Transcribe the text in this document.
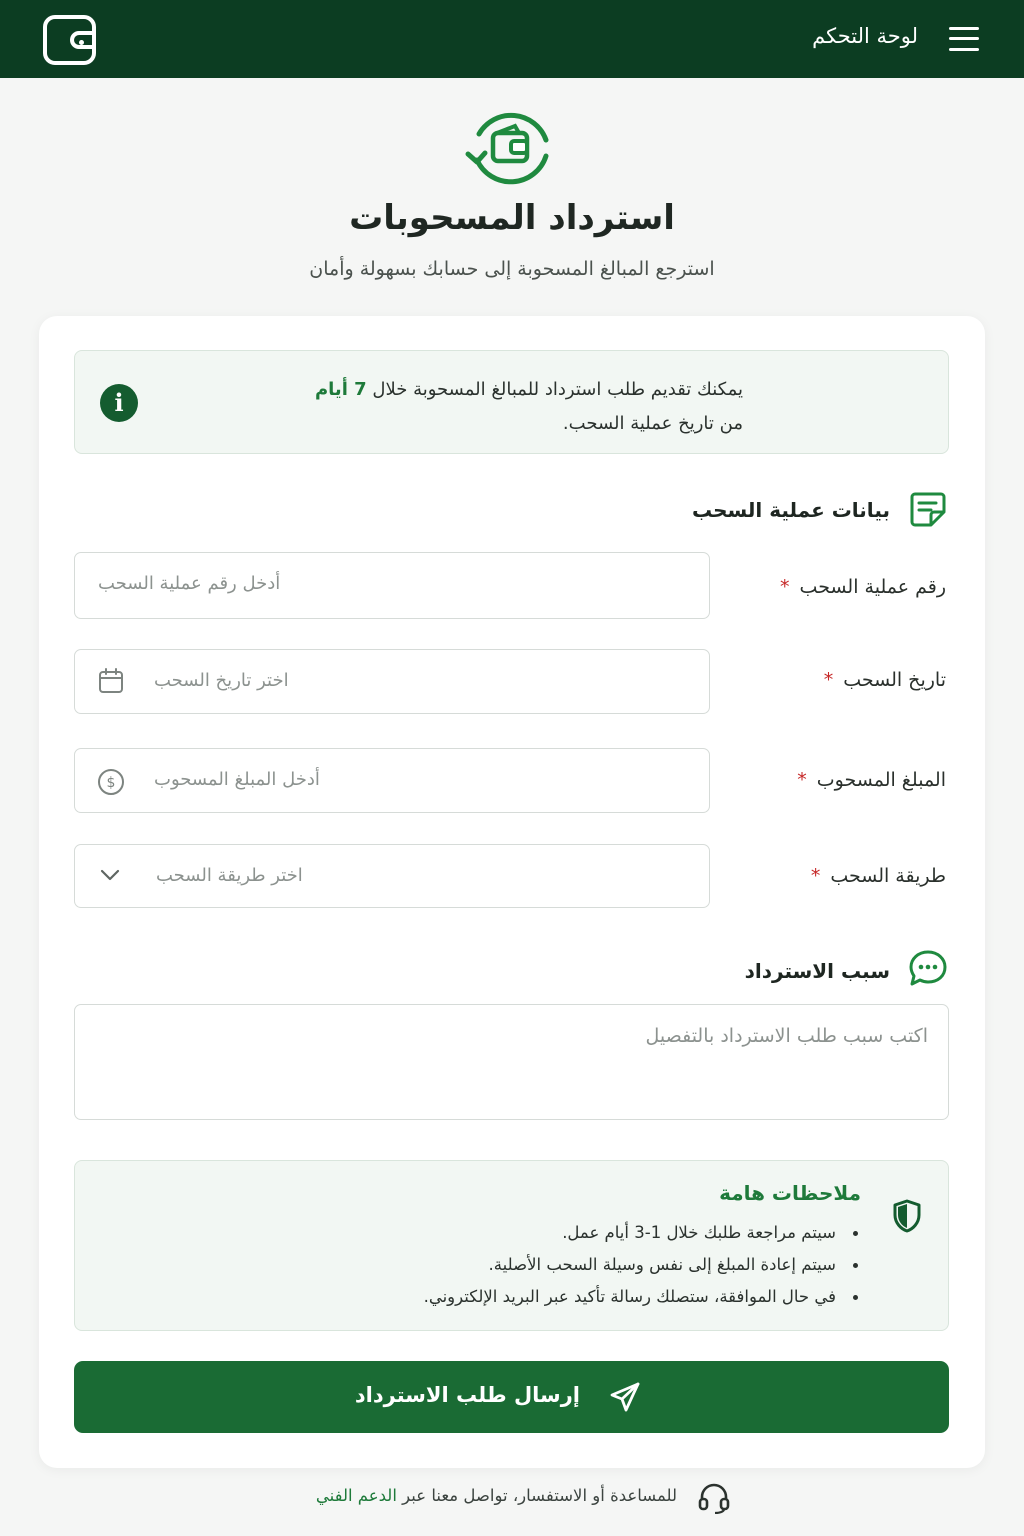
لوحة التحكم
استرداد المسحوبات
استرجع المبالغ المسحوبة إلى حسابك بسهولة وأمان
i	يمكنك تقديم طلب استرداد للمبالغ المسحوبة خلال 7 أيام
من تاريخ عملية السحب.
بيانات عملية السحب
رقم عملية السحب*
أدخل رقم عملية السحب
تاريخ السحب*
اختر تاريخ السحب
المبلغ المسحوب*
$ أدخل المبلغ المسحوب
طريقة السحب*
اختر طريقة السحب
سبب الاسترداد
اكتب سبب طلب الاسترداد بالتفصيل
ملاحظات هامة
سيتم مراجعة طلبك خلال 1-3 أيام عمل.
سيتم إعادة المبلغ إلى نفس وسيلة السحب الأصلية.
في حال الموافقة، ستصلك رسالة تأكيد عبر البريد الإلكتروني.
إرسال طلب الاسترداد
للمساعدة أو الاستفسار، تواصل معنا عبر الدعم الفني
